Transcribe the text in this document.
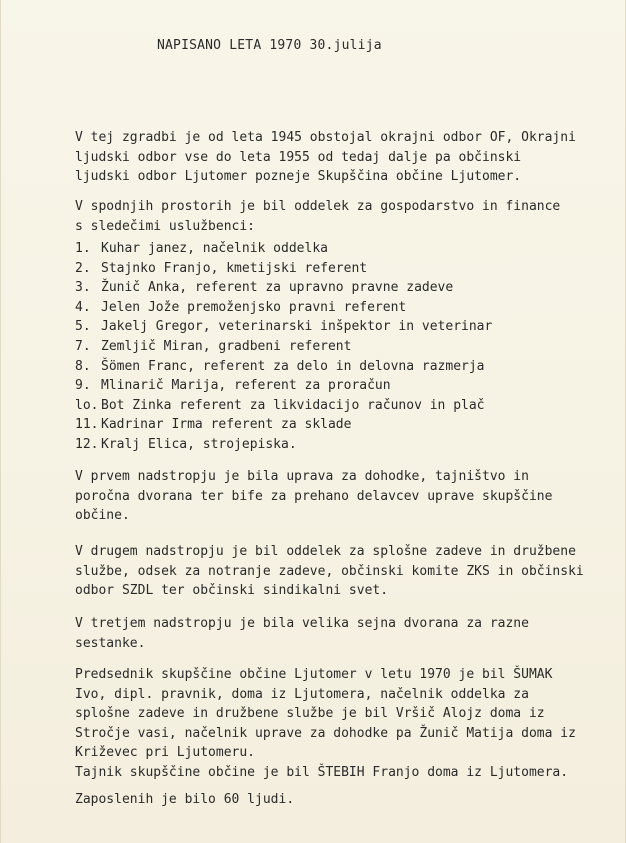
NAPISANO LETA 1970 30.julija
V tej zgradbi je od leta 1945 obstojal okrajni odbor OF, Okrajni
ljudski odbor vse do leta 1955 od tedaj dalje pa občinski
ljudski odbor Ljutomer pozneje Skupščina občine Ljutomer.
V spodnjih prostorih je bil oddelek za gospodarstvo in finance
s sledečimi uslužbenci:
1. Kuhar janez, načelnik oddelka
2. Stajnko Franjo, kmetijski referent
3. Žunič Anka, referent za upravno pravne zadeve
4. Jelen Jože premoženjsko pravni referent
5. Jakelj Gregor, veterinarski inšpektor in veterinar
7. Zemljič Miran, gradbeni referent
8. Šömen Franc, referent za delo in delovna razmerja
9. Mlinarič Marija, referent za proračun
lo. Bot Zinka referent za likvidacijo računov in plač
11. Kadrinar Irma referent za sklade
12. Kralj Elica, strojepiska.
V prvem nadstropju je bila uprava za dohodke, tajništvo in
poročna dvorana ter bife za prehano delavcev uprave skupščine
občine.
V drugem nadstropju je bil oddelek za splošne zadeve in družbene
službe, odsek za notranje zadeve, občinski komite ZKS in občinski
odbor SZDL ter občinski sindikalni svet.
V tretjem nadstropju je bila velika sejna dvorana za razne
sestanke.
Predsednik skupščine občine Ljutomer v letu 1970 je bil ŠUMAK
Ivo, dipl. pravnik, doma iz Ljutomera, načelnik oddelka za
splošne zadeve in družbene službe je bil Vršič Alojz doma iz
Stročje vasi, načelnik uprave za dohodke pa Žunič Matija doma iz
Križevec pri Ljutomeru.
Tajnik skupščine občine je bil ŠTEBIH Franjo doma iz Ljutomera.
Zaposlenih je bilo 60 ljudi.
